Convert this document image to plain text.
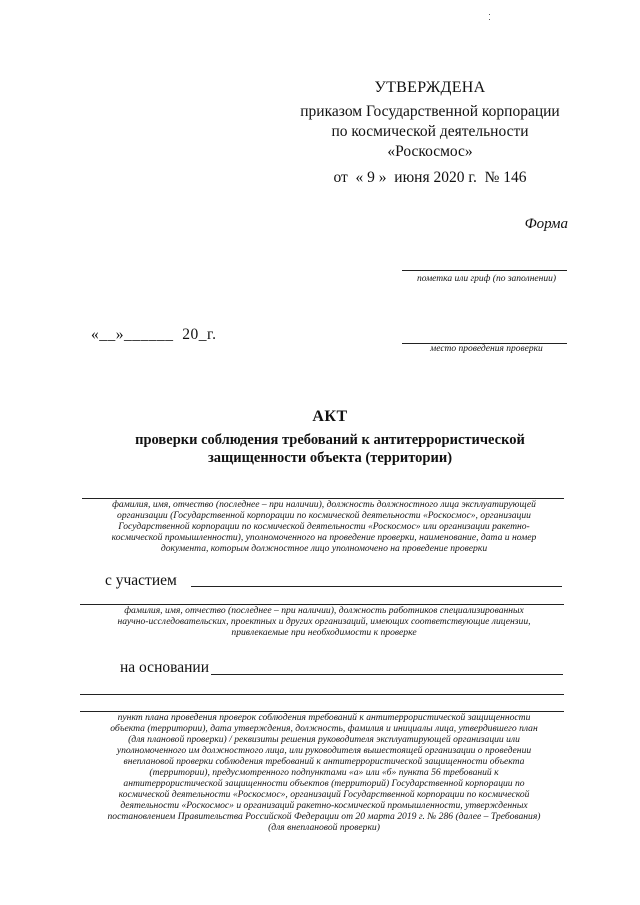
УТВЕРЖДЕНА
приказом Государственной корпорации
по космической деятельности
«Роскосмос»
от  « 9 »  июня 2020 г.  № 146
Форма
пометка или гриф (по заполнении)
«__»______  20_г.
место проведения проверки
АКТ
проверки соблюдения требований к антитеррористической
защищенности объекта (территории)
фамилия, имя, отчество (последнее – при наличии), должность должностного лица эксплуатирующей
организации (Государственной корпорации по космической деятельности «Роскосмос», организации
Государственной корпорации по космической деятельности «Роскосмос» или организации ракетно-
космической промышленности), уполномоченного на проведение проверки, наименование, дата и номер
документа, которым должностное лицо уполномочено на проведение проверки
с участием
фамилия, имя, отчество (последнее – при наличии), должность работников специализированных
научно-исследовательских, проектных и других организаций, имеющих соответствующие лицензии,
привлекаемые при необходимости к проверке
на основании
пункт плана проведения проверок соблюдения требований к антитеррористической защищенности
объекта (территории), дата утверждения, должность, фамилия и инициалы лица, утвердившего план
(для плановой проверки) / реквизиты решения руководителя эксплуатирующей организации или
уполномоченного им должностного лица, или руководителя вышестоящей организации о проведении
внеплановой проверки соблюдения требований к антитеррористической защищенности объекта
(территории), предусмотренного подпунктами «а» или «б» пункта 56 требований к
антитеррористической защищенности объектов (территорий) Государственной корпорации по
космической деятельности «Роскосмос», организаций Государственной корпорации по космической
деятельности «Роскосмос» и организаций ракетно-космической промышленности, утвержденных
постановлением Правительства Российской Федерации от 20 марта 2019 г. № 286 (далее – Требования)
(для внеплановой проверки)
